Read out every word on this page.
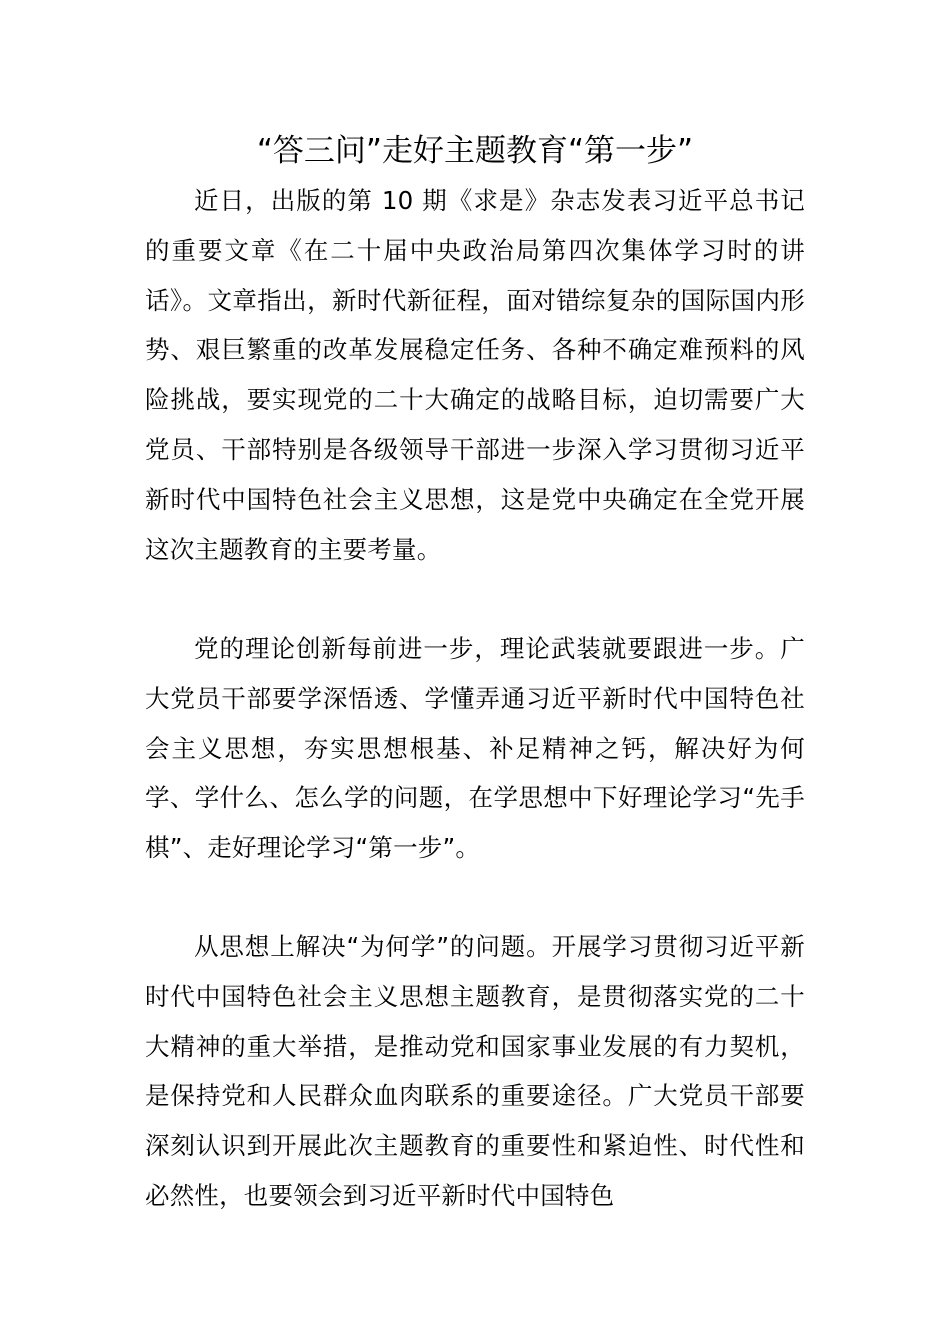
“答三问”走好主题教育“第一步”

近日，出版的第 10 期《求是》杂志发表习近平总书记的重要文章《在二十届中央政治局第四次集体学习时的讲话》。文章指出，新时代新征程，面对错综复杂的国际国内形势、艰巨繁重的改革发展稳定任务、各种不确定难预料的风险挑战，要实现党的二十大确定的战略目标，迫切需要广大党员、干部特别是各级领导干部进一步深入学习贯彻习近平新时代中国特色社会主义思想，这是党中央确定在全党开展这次主题教育的主要考量。

党的理论创新每前进一步，理论武装就要跟进一步。广大党员干部要学深悟透、学懂弄通习近平新时代中国特色社会主义思想，夯实思想根基、补足精神之钙，解决好为何学、学什么、怎么学的问题，在学思想中下好理论学习“先手棋”、走好理论学习“第一步”。

从思想上解决“为何学”的问题。开展学习贯彻习近平新时代中国特色社会主义思想主题教育，是贯彻落实党的二十大精神的重大举措，是推动党和国家事业发展的有力契机，是保持党和人民群众血肉联系的重要途径。广大党员干部要深刻认识到开展此次主题教育的重要性和紧迫性、时代性和必然性，也要领会到习近平新时代中国特色
